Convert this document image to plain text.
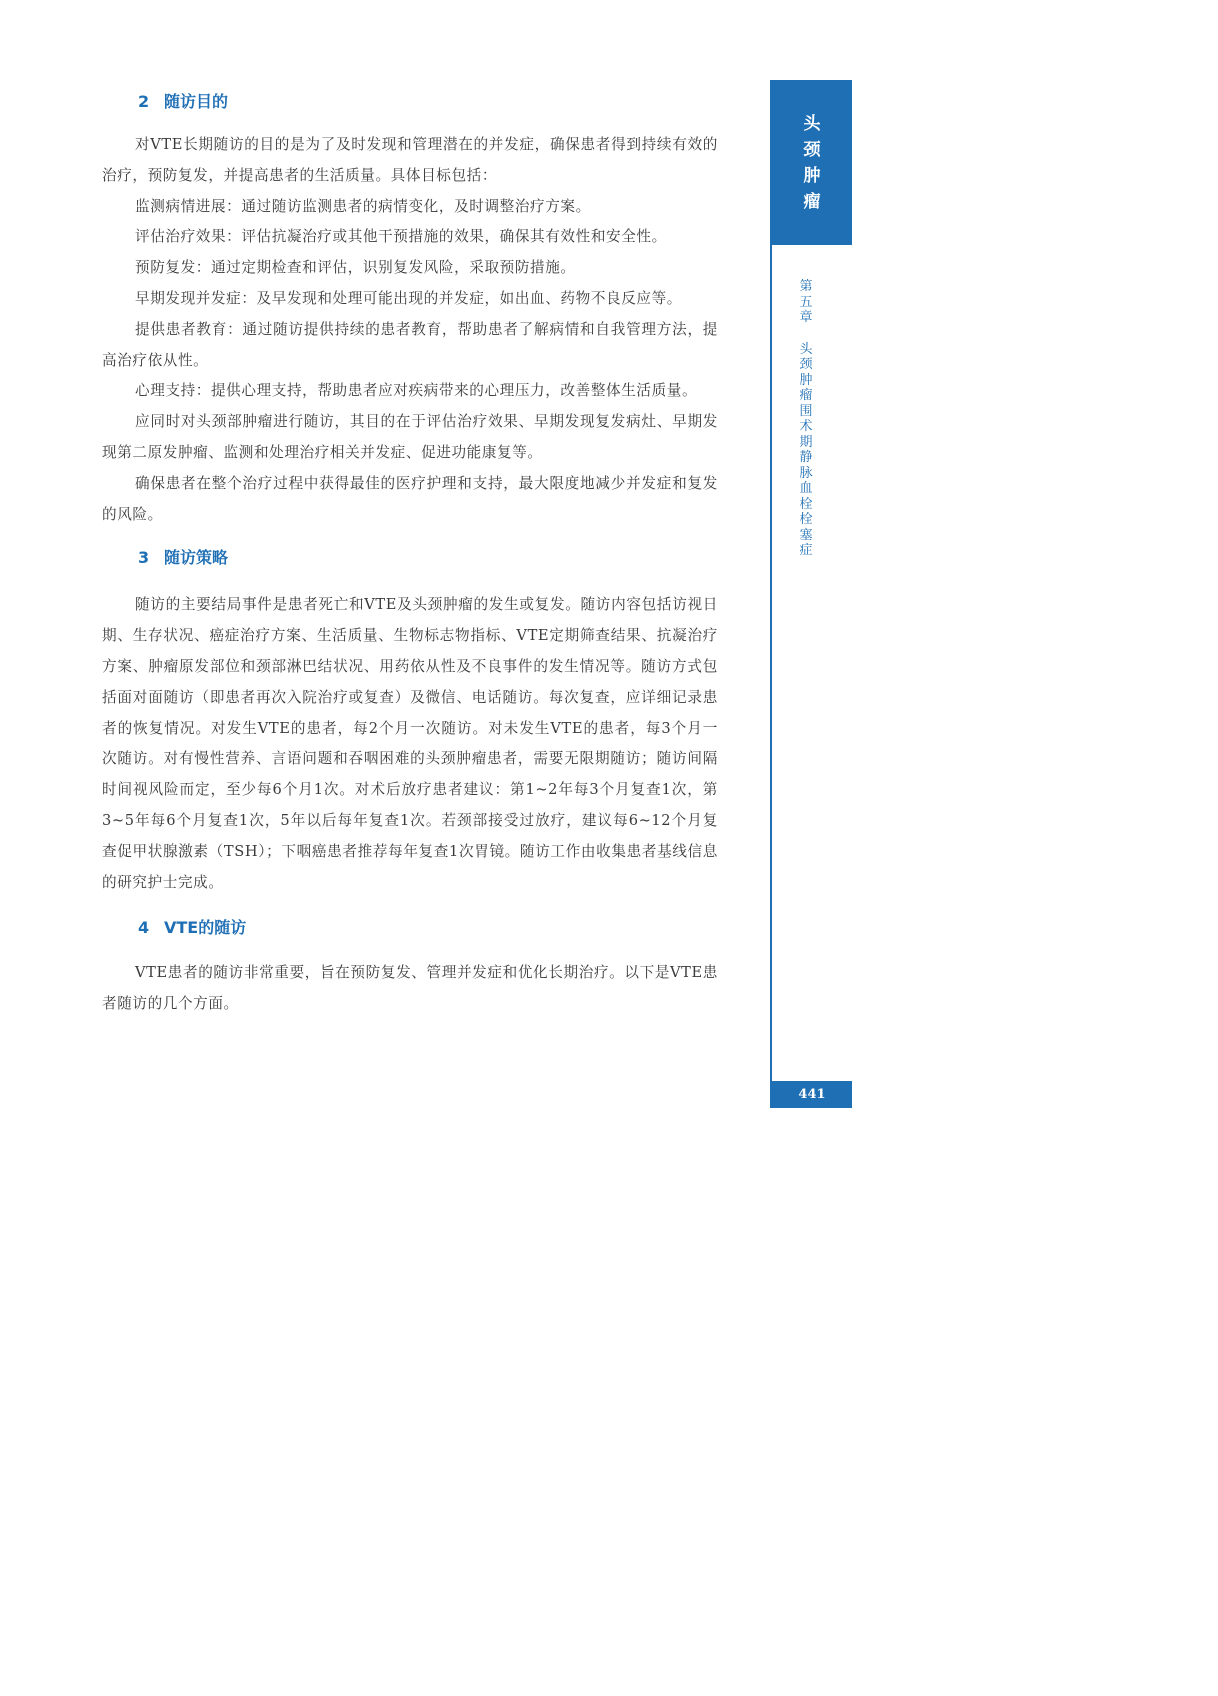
2 随访目的

对VTE长期随访的目的是为了及时发现和管理潜在的并发症，确保患者得到持续有效的治疗，预防复发，并提高患者的生活质量。具体目标包括：

监测病情进展：通过随访监测患者的病情变化，及时调整治疗方案。

评估治疗效果：评估抗凝治疗或其他干预措施的效果，确保其有效性和安全性。

预防复发：通过定期检查和评估，识别复发风险，采取预防措施。

早期发现并发症：及早发现和处理可能出现的并发症，如出血、药物不良反应等。

提供患者教育：通过随访提供持续的患者教育，帮助患者了解病情和自我管理方法，提高治疗依从性。

心理支持：提供心理支持，帮助患者应对疾病带来的心理压力，改善整体生活质量。

应同时对头颈部肿瘤进行随访，其目的在于评估治疗效果、早期发现复发病灶、早期发现第二原发肿瘤、监测和处理治疗相关并发症、促进功能康复等。

确保患者在整个治疗过程中获得最佳的医疗护理和支持，最大限度地减少并发症和复发的风险。

3 随访策略

随访的主要结局事件是患者死亡和VTE及头颈肿瘤的发生或复发。随访内容包括访视日期、生存状况、癌症治疗方案、生活质量、生物标志物指标、VTE定期筛查结果、抗凝治疗方案、肿瘤原发部位和颈部淋巴结状况、用药依从性及不良事件的发生情况等。随访方式包括面对面随访（即患者再次入院治疗或复查）及微信、电话随访。每次复查，应详细记录患者的恢复情况。对发生VTE的患者，每2个月一次随访。对未发生VTE的患者，每3个月一次随访。对有慢性营养、言语问题和吞咽困难的头颈肿瘤患者，需要无限期随访；随访间隔时间视风险而定，至少每6个月1次。对术后放疗患者建议：第1~2年每3个月复查1次，第3~5年每6个月复查1次，5年以后每年复查1次。若颈部接受过放疗，建议每6~12个月复查促甲状腺激素（TSH）；下咽癌患者推荐每年复查1次胃镜。随访工作由收集患者基线信息的研究护士完成。

4 VTE的随访

VTE患者的随访非常重要，旨在预防复发、管理并发症和优化长期治疗。以下是VTE患者随访的几个方面。

头
颈
肿
瘤
第
五
章
头
颈
肿
瘤
围
术
期
静
脉
血
栓
栓
塞
症
441
